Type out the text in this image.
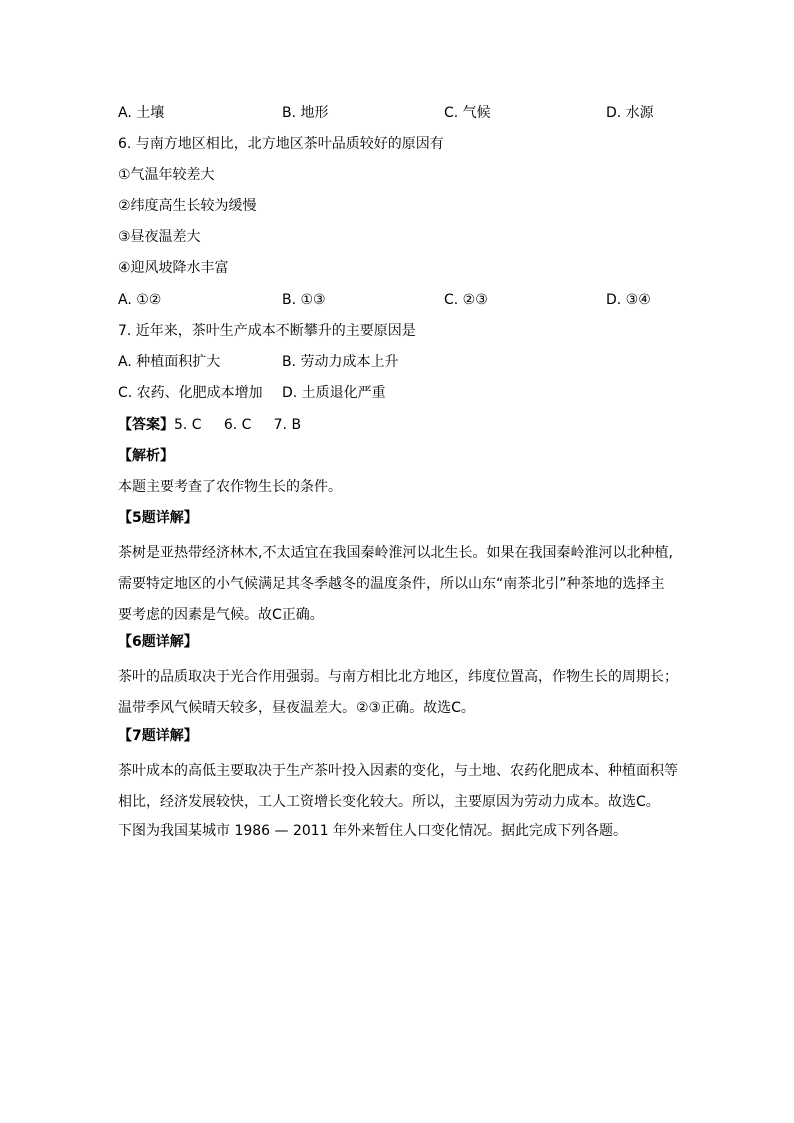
A. 土壤	B. 地形	C. 气候	D. 水源
6. 与南方地区相比，北方地区茶叶品质较好的原因有
①气温年较差大
②纬度高生长较为缓慢
③昼夜温差大
④迎风坡降水丰富
A. ①②	B. ①③	C. ②③	D. ③④
7. 近年来，茶叶生产成本不断攀升的主要原因是
A. 种植面积扩大	B. 劳动力成本上升
C. 农药、化肥成本增加 D. 土质退化严重
【答案】5. C     6. C     7. B
【解析】
本题主要考查了农作物生长的条件。
【5题详解】
茶树是亚热带经济林木,不太适宜在我国秦岭淮河以北生长。如果在我国秦岭淮河以北种植,需要特定地区的小气候满足其冬季越冬的温度条件，所以山东“南茶北引”种茶地的选择主要考虑的因素是气候。故C正确。
【6题详解】
茶叶的品质取决于光合作用强弱。与南方相比北方地区，纬度位置高，作物生长的周期长；温带季风气候晴天较多，昼夜温差大。②③正确。故选C。
【7题详解】
茶叶成本的高低主要取决于生产茶叶投入因素的变化，与土地、农药化肥成本、种植面积等相比，经济发展较快，工人工资增长变化较大。所以，主要原因为劳动力成本。故选C。
下图为我国某城市 1986 — 2011 年外来暂住人口变化情况。据此完成下列各题。
